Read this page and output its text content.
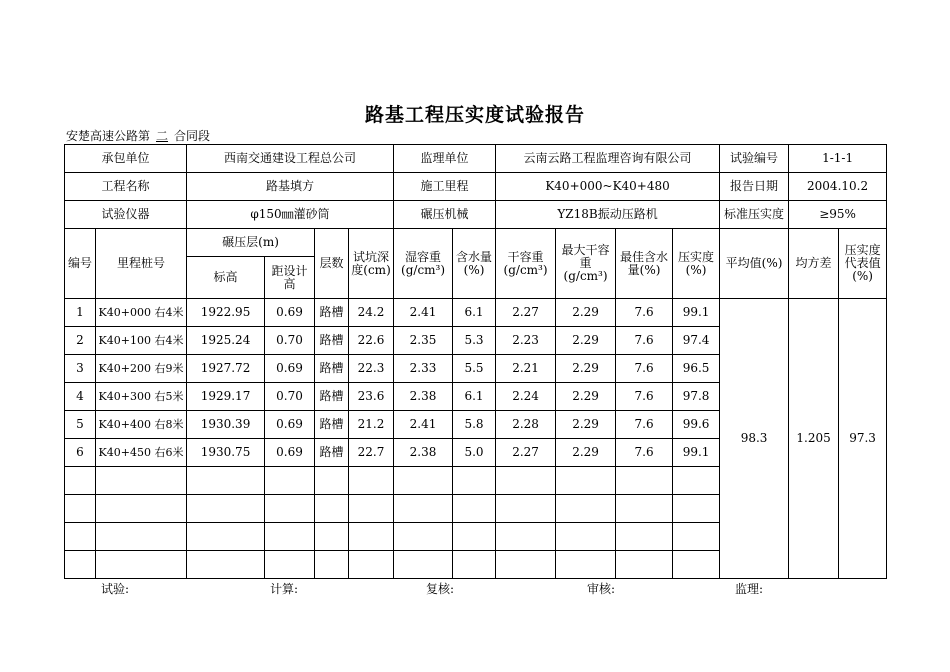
路基工程压实度试验报告
安楚高速公路第 二 合同段
承包单位		西南交通建设工程总公司				监理单位		云南云路工程监理咨询有限公司				试验编号	1-1-1	
工程名称		路基填方				施工里程		K40+000~K40+480				报告日期	2004.10.2	
试验仪器		φ150㎜灌砂筒				碾压机械		YZ18B振动压路机				标准压实度	≥95%	
编号	里程桩号	碾压层(m)		层数	试坑深度(cm)	湿容重(g/cm³)	含水量(%)	干容重(g/cm³)	最大干容重(g/cm³)	最佳含水量(%)	压实度(%)	平均值(%)	均方差	压实度代表值(%)
		标高	距设计高											
1	K40+000 右4米	1922.95	0.69	路槽	24.2	2.41	6.1	2.27	2.29	7.6	99.1	98.3	1.205	97.3
2	K40+100 右4米	1925.24	0.70	路槽	22.6	2.35	5.3	2.23	2.29	7.6	97.4			
3	K40+200 右9米	1927.72	0.69	路槽	22.3	2.33	5.5	2.21	2.29	7.6	96.5			
4	K40+300 右5米	1929.17	0.70	路槽	23.6	2.38	6.1	2.24	2.29	7.6	97.8			
5	K40+400 右8米	1930.39	0.69	路槽	21.2	2.41	5.8	2.28	2.29	7.6	99.6			
6	K40+450 右6米	1930.75	0.69	路槽	22.7	2.38	5.0	2.27	2.29	7.6	99.1			

试验:	计算:	复核:	审核:	监理:
